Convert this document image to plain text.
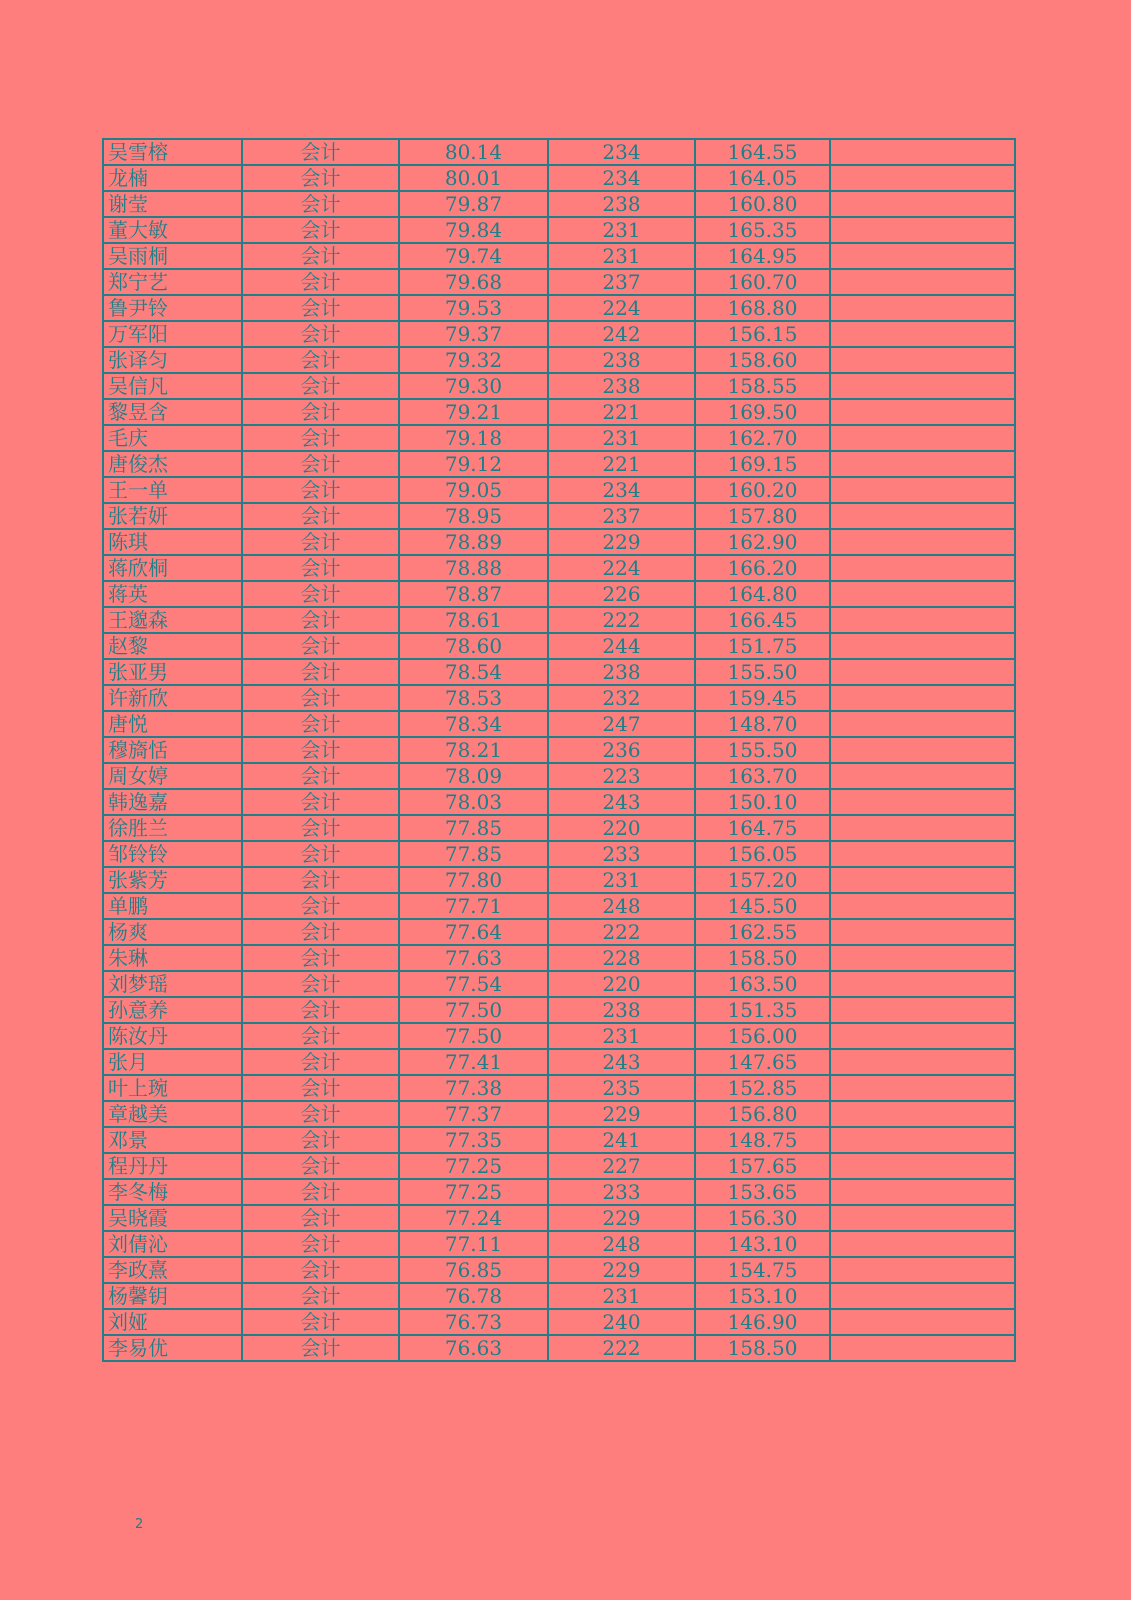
吴雪榕	会计	80.14	234	164.55	
龙楠	会计	80.01	234	164.05	
谢莹	会计	79.87	238	160.80	
董大敏	会计	79.84	231	165.35	
吴雨桐	会计	79.74	231	164.95	
郑宁艺	会计	79.68	237	160.70	
鲁尹铃	会计	79.53	224	168.80	
万军阳	会计	79.37	242	156.15	
张译匀	会计	79.32	238	158.60	
吴信凡	会计	79.30	238	158.55	
黎昱含	会计	79.21	221	169.50	
毛庆	会计	79.18	231	162.70	
唐俊杰	会计	79.12	221	169.15	
王一单	会计	79.05	234	160.20	
张若妍	会计	78.95	237	157.80	
陈琪	会计	78.89	229	162.90	
蒋欣桐	会计	78.88	224	166.20	
蒋英	会计	78.87	226	164.80	
王邈森	会计	78.61	222	166.45	
赵黎	会计	78.60	244	151.75	
张亚男	会计	78.54	238	155.50	
许新欣	会计	78.53	232	159.45	
唐悦	会计	78.34	247	148.70	
穆旖恬	会计	78.21	236	155.50	
周女婷	会计	78.09	223	163.70	
韩逸嘉	会计	78.03	243	150.10	
徐胜兰	会计	77.85	220	164.75	
邹铃铃	会计	77.85	233	156.05	
张紫芳	会计	77.80	231	157.20	
单鹏	会计	77.71	248	145.50	
杨爽	会计	77.64	222	162.55	
朱琳	会计	77.63	228	158.50	
刘梦瑶	会计	77.54	220	163.50	
孙意养	会计	77.50	238	151.35	
陈汝丹	会计	77.50	231	156.00	
张月	会计	77.41	243	147.65	
叶上琬	会计	77.38	235	152.85	
章越美	会计	77.37	229	156.80	
邓景	会计	77.35	241	148.75	
程丹丹	会计	77.25	227	157.65	
李冬梅	会计	77.25	233	153.65	
吴晓霞	会计	77.24	229	156.30	
刘倩沁	会计	77.11	248	143.10	
李政熹	会计	76.85	229	154.75	
杨馨钥	会计	76.78	231	153.10	
刘娅	会计	76.73	240	146.90	
李易优	会计	76.63	222	158.50	
2
